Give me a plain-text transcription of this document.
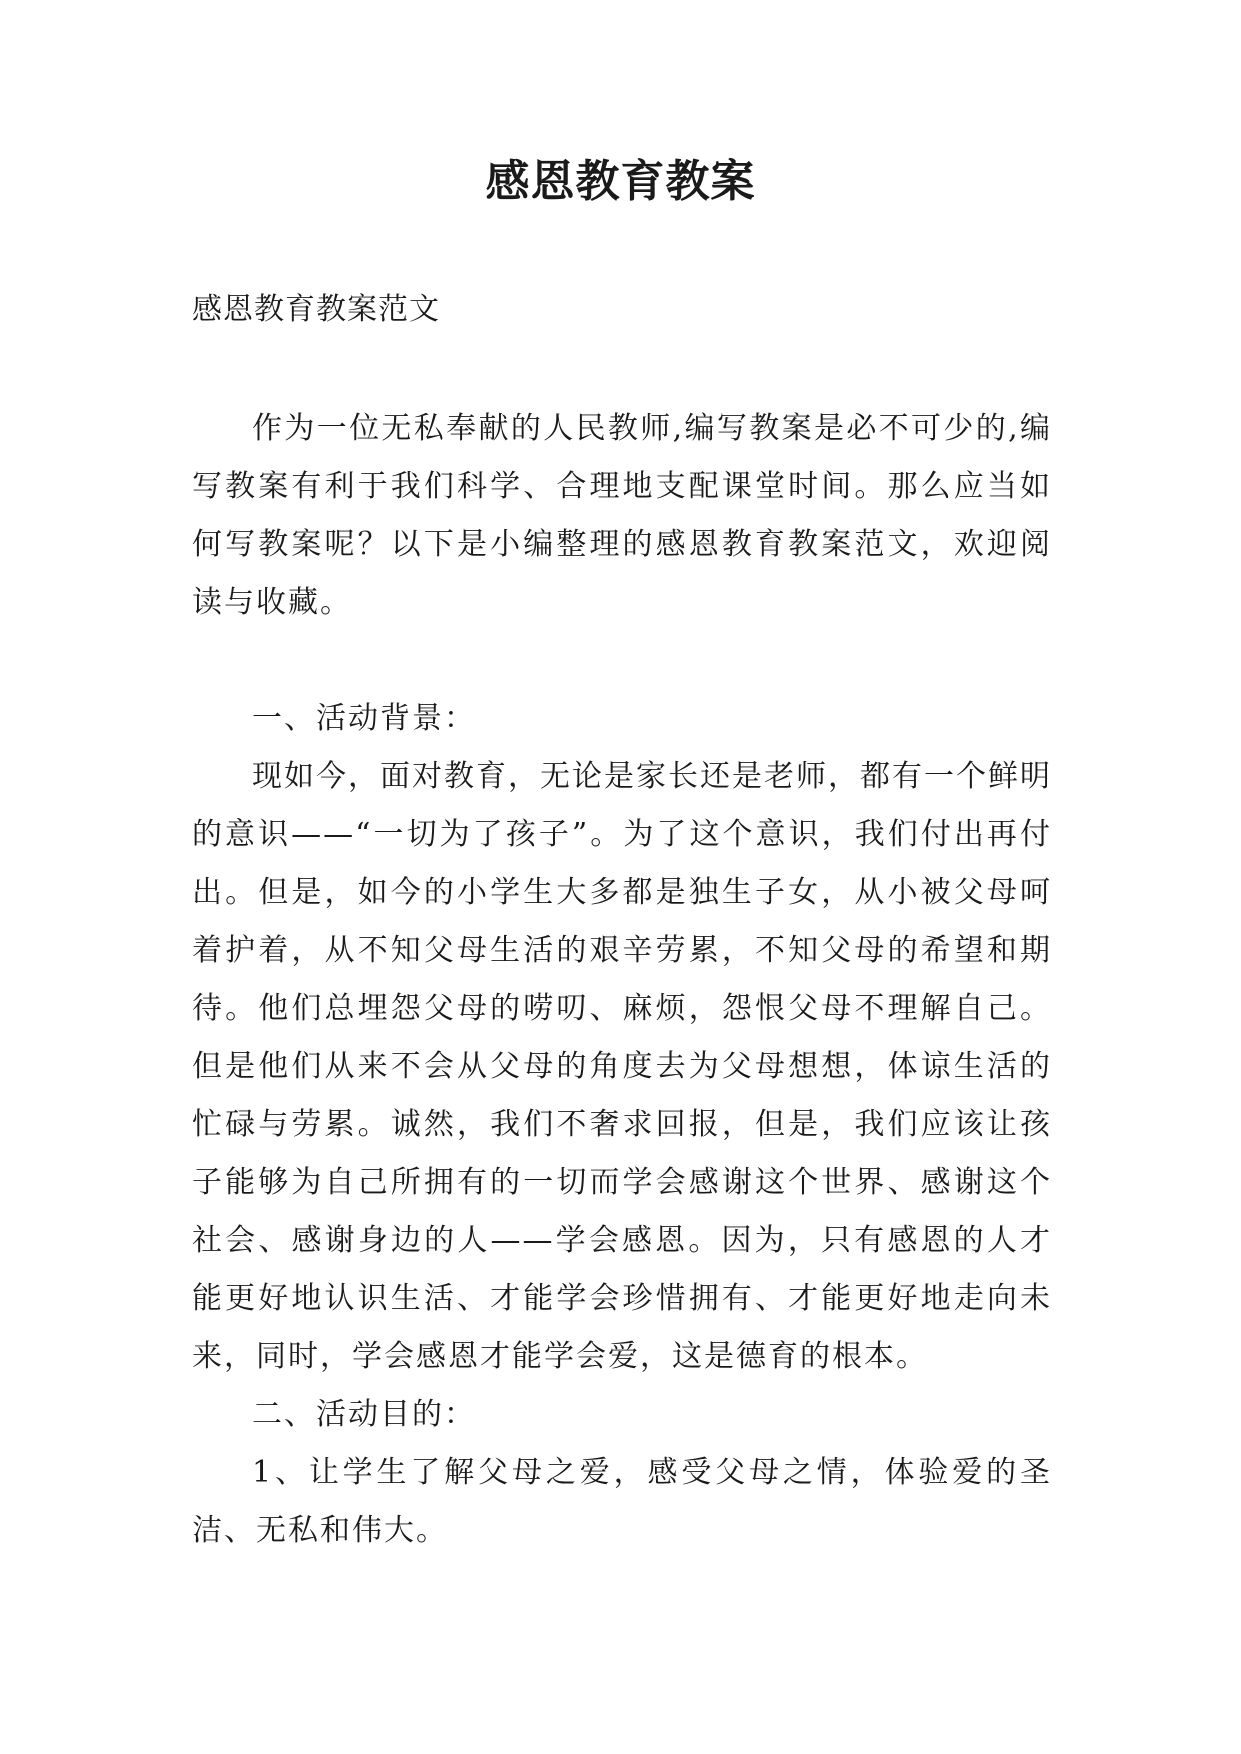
感恩教育教案
感恩教育教案范文

作为一位无私奉献的人民教师,编写教案是必不可少的,编写教案有利于我们科学、合理地支配课堂时间。那么应当如何写教案呢？以下是小编整理的感恩教育教案范文，欢迎阅读与收藏。

一、活动背景：

现如今，面对教育，无论是家长还是老师，都有一个鲜明的意识——“一切为了孩子”。为了这个意识，我们付出再付出。但是，如今的小学生大多都是独生子女，从小被父母呵着护着，从不知父母生活的艰辛劳累，不知父母的希望和期待。他们总埋怨父母的唠叨、麻烦，怨恨父母不理解自己。但是他们从来不会从父母的角度去为父母想想，体谅生活的忙碌与劳累。诚然，我们不奢求回报，但是，我们应该让孩子能够为自己所拥有的一切而学会感谢这个世界、感谢这个社会、感谢身边的人——学会感恩。因为，只有感恩的人才能更好地认识生活、才能学会珍惜拥有、才能更好地走向未来，同时，学会感恩才能学会爱，这是德育的根本。

二、活动目的：

1、让学生了解父母之爱，感受父母之情，体验爱的圣洁、无私和伟大。
